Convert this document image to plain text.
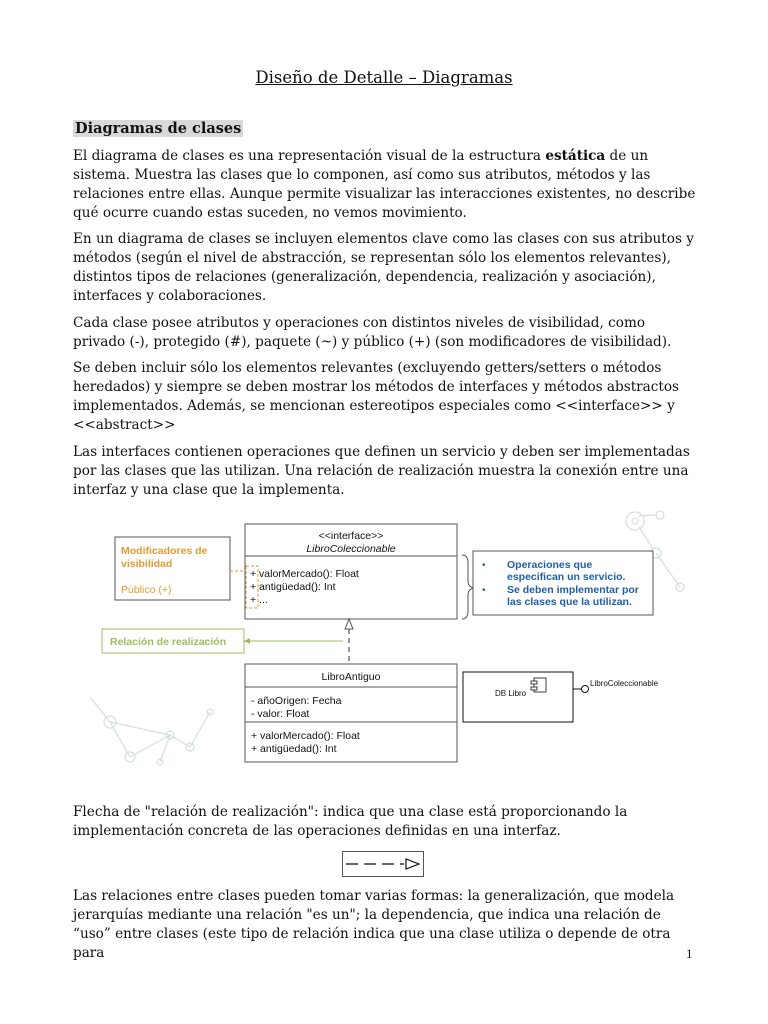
Diseño de Detalle – Diagramas
Diagramas de clases

El diagrama de clases es una representación visual de la estructura estática de un sistema. Muestra las clases que lo componen, así como sus atributos, métodos y las relaciones entre ellas. Aunque permite visualizar las interacciones existentes, no describe qué ocurre cuando estas suceden, no vemos movimiento.

En un diagrama de clases se incluyen elementos clave como las clases con sus atributos y métodos (según el nivel de abstracción, se representan sólo los elementos relevantes), distintos tipos de relaciones (generalización, dependencia, realización y asociación), interfaces y colaboraciones.

Cada clase posee atributos y operaciones con distintos niveles de visibilidad, como privado (-), protegido (#), paquete (~) y público (+) (son modificadores de visibilidad).

Se deben incluir sólo los elementos relevantes (excluyendo getters/setters o métodos heredados) y siempre se deben mostrar los métodos de interfaces y métodos abstractos implementados. Además, se mencionan estereotipos especiales como <<interface>> y <<abstract>>

Las interfaces contienen operaciones que definen un servicio y deben ser implementadas por las clases que las utilizan. Una relación de realización muestra la conexión entre una interfaz y una clase que la implementa.

<<interface>>
LibroColeccionable
+ valorMercado(): Float
+ antigüedad(): Int
+ ...
Modificadores de
visibilidad
Público (+)
• Operaciones que
especifican un servicio.
• Se deben implementar por
las clases que la utilizan.
Relación de realización
LibroAntiguo
- añoOrigen: Fecha
- valor: Float
+ valorMercado(): Float
+ antigüedad(): Int
DB Libro
LibroColeccionable

Flecha de "relación de realización": indica que una clase está proporcionando la implementación concreta de las operaciones definidas en una interfaz.

Las relaciones entre clases pueden tomar varias formas: la generalización, que modela jerarquías mediante una relación "es un"; la dependencia, que indica una relación de “uso” entre clases (este tipo de relación indica que una clase utiliza o depende de otra para	1
